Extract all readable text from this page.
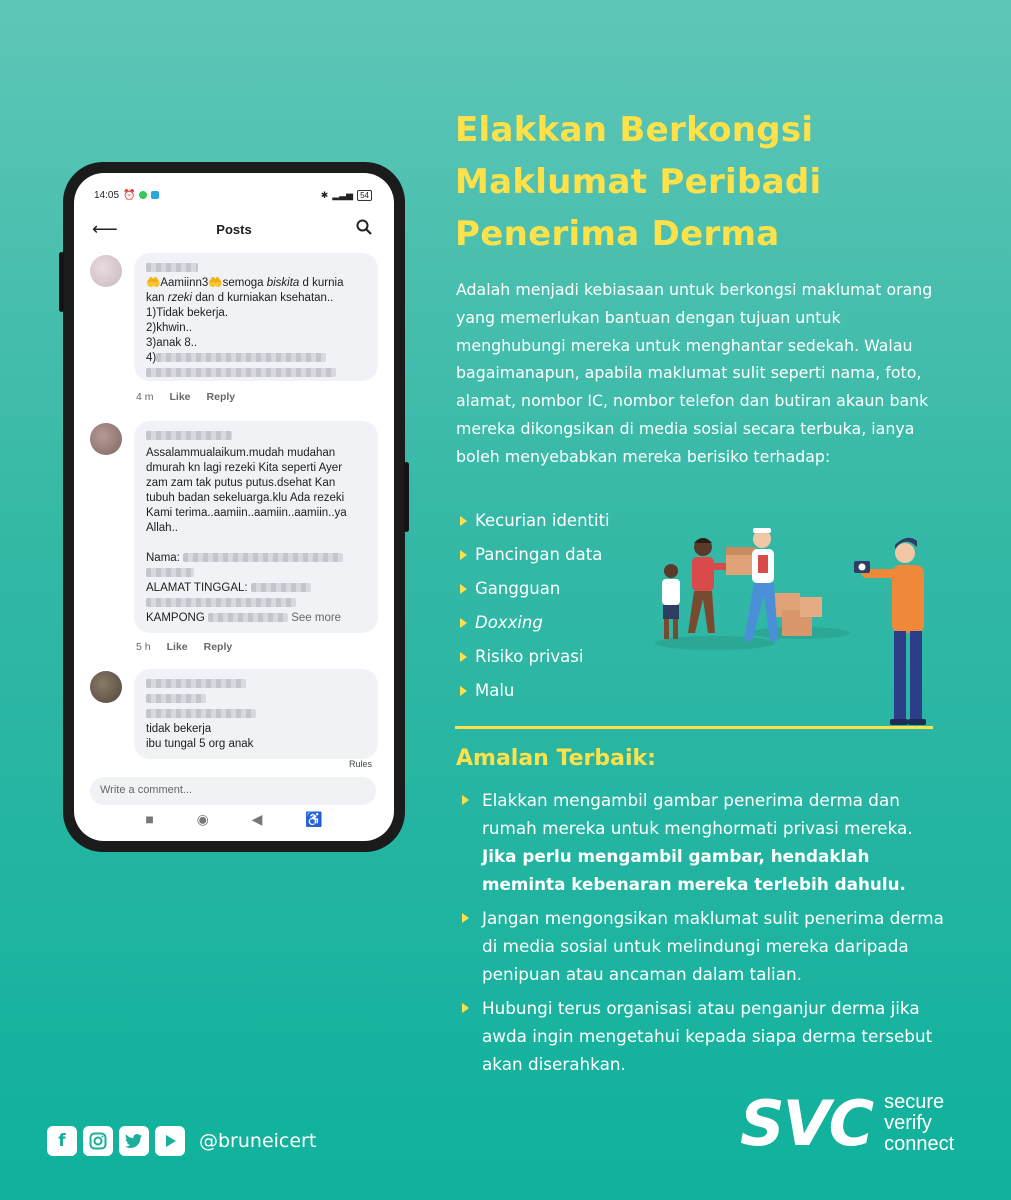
14:05 ⏰	✱ ▂▃▅ 54
⟵	Posts
🤲Aamiinn3🤲semoga biskita d kurnia
kan rzeki dan d kurniakan ksehatan..
1)Tidak bekerja.
2)khwin..
3)anak 8..
4)
4 m Like Reply
Assalammualaikum.mudah mudahan dmurah kn lagi rezeki Kita seperti Ayer zam zam tak putus putus.dsehat Kan tubuh badan sekeluarga.klu Ada rezeki Kami terima..aamiin..aamiin..aamiin..ya Allah..
Nama:
ALAMAT TINGGAL:
KAMPONG	See more
5 h Like Reply
tidak bekerja
ibu tungal 5 org anak
Rules
Write a comment...
■	◉	◀	♿
Elakkan Berkongsi
Maklumat Peribadi
Penerima Derma

Adalah menjadi kebiasaan untuk berkongsi maklumat orang yang memerlukan bantuan dengan tujuan untuk menghubungi mereka untuk menghantar sedekah. Walau bagaimanapun, apabila maklumat sulit seperti nama, foto, alamat, nombor IC, nombor telefon dan butiran akaun bank mereka dikongsikan di media sosial secara terbuka, ianya boleh menyebabkan mereka berisiko terhadap:

Kecurian identiti
Pancingan data
Gangguan
Doxxing
Risiko privasi
Malu
Amalan Terbaik:
Elakkan mengambil gambar penerima derma dan rumah mereka untuk menghormati privasi mereka. Jika perlu mengambil gambar, hendaklah meminta kebenaran mereka terlebih dahulu.
Jangan mengongsikan maklumat sulit penerima derma di media sosial untuk melindungi mereka daripada penipuan atau ancaman dalam talian.
Hubungi terus organisasi atau penganjur derma jika awda ingin mengetahui kepada siapa derma tersebut akan diserahkan.
f	@bruneicert	SVC secure
verify
connect
